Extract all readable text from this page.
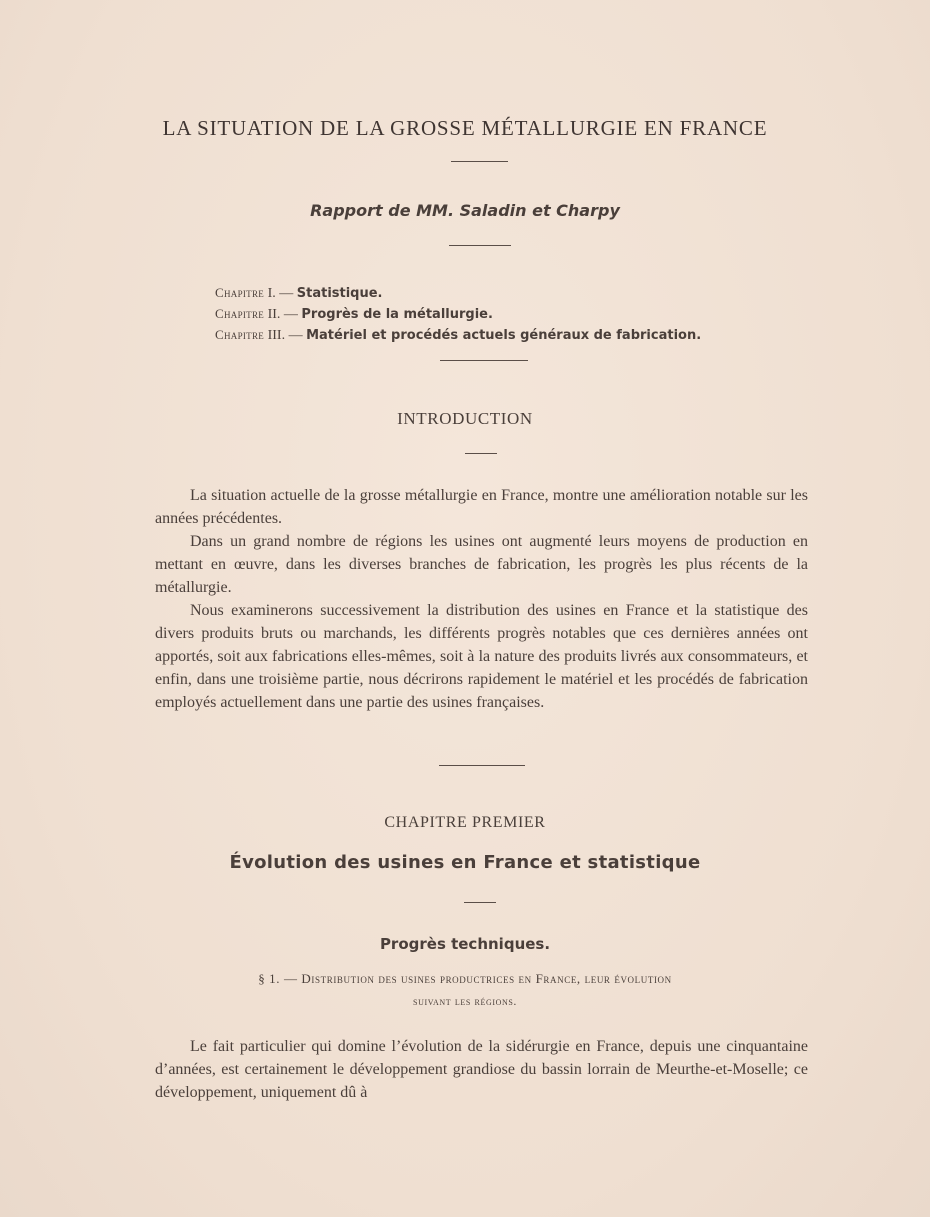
LA SITUATION DE LA GROSSE MÉTALLURGIE EN FRANCE
Rapport de MM. Saladin et Charpy
Chapitre I. — Statistique.
Chapitre II. — Progrès de la métallurgie.
Chapitre III. — Matériel et procédés actuels généraux de fabrication.
INTRODUCTION

La situation actuelle de la grosse métallurgie en France, montre une amélioration notable sur les années précédentes.

Dans un grand nombre de régions les usines ont augmenté leurs moyens de production en mettant en œuvre, dans les diverses branches de fabrication, les progrès les plus récents de la métallurgie.

Nous examinerons successivement la distribution des usines en France et la statistique des divers produits bruts ou marchands, les différents progrès notables que ces dernières années ont apportés, soit aux fabrications elles-mêmes, soit à la nature des produits livrés aux consommateurs, et enfin, dans une troisième partie, nous décrirons rapidement le matériel et les procédés de fabrication employés actuellement dans une partie des usines françaises.

CHAPITRE PREMIER
Évolution des usines en France et statistique
Progrès techniques.
§ 1. — Distribution des usines productrices en France, leur évolution
suivant les régions.

Le fait particulier qui domine l’évolution de la sidérurgie en France, depuis une cinquantaine d’années, est certainement le développement grandiose du bassin lorrain de Meurthe-et-Moselle; ce développement, uniquement dû à
